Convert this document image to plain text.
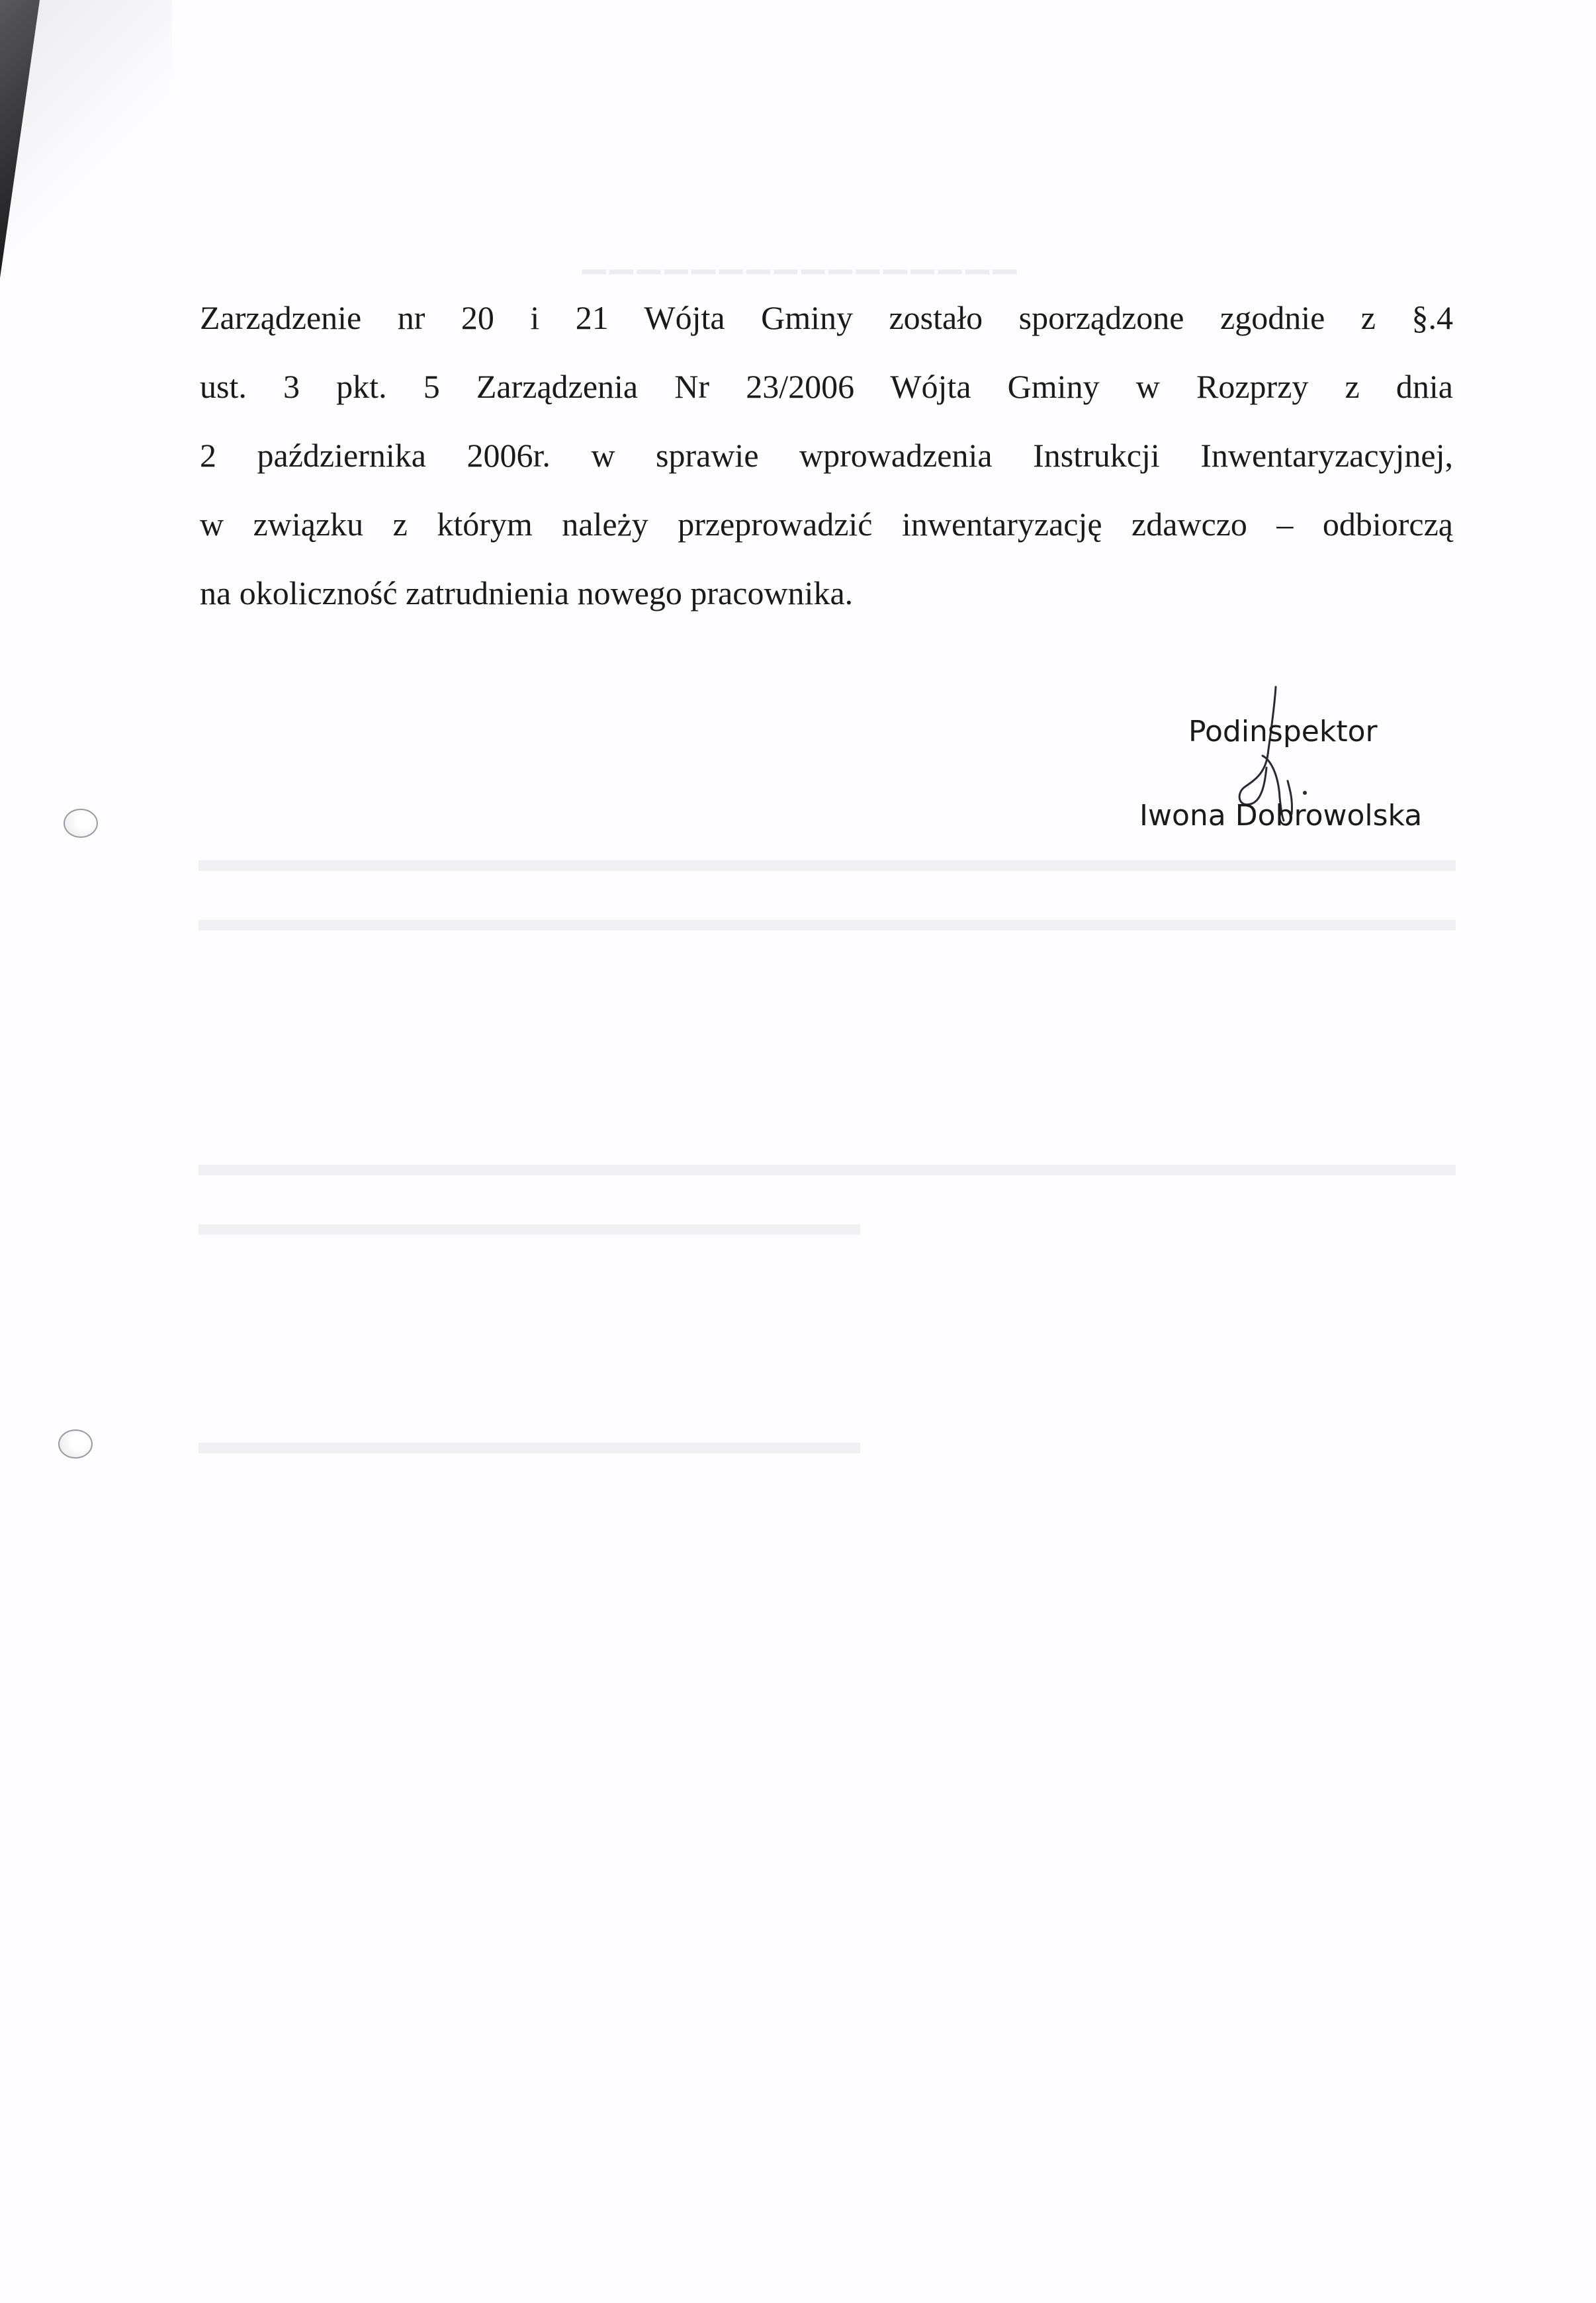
▁▁▁▁▁▁▁▁▁▁▁▁▁▁▁▁
Zarządzenie nr 20 i 21 Wójta Gminy zostało sporządzone zgodnie z §.4
ust. 3 pkt. 5 Zarządzenia Nr 23/2006 Wójta Gminy w Rozprzy z dnia
2 października 2006r. w sprawie wprowadzenia Instrukcji Inwentaryzacyjnej,
w związku z którym należy przeprowadzić inwentaryzację zdawczo – odbiorczą
na okoliczność zatrudnienia nowego pracownika.
Podinspektor
Iwona Dobrowolska
